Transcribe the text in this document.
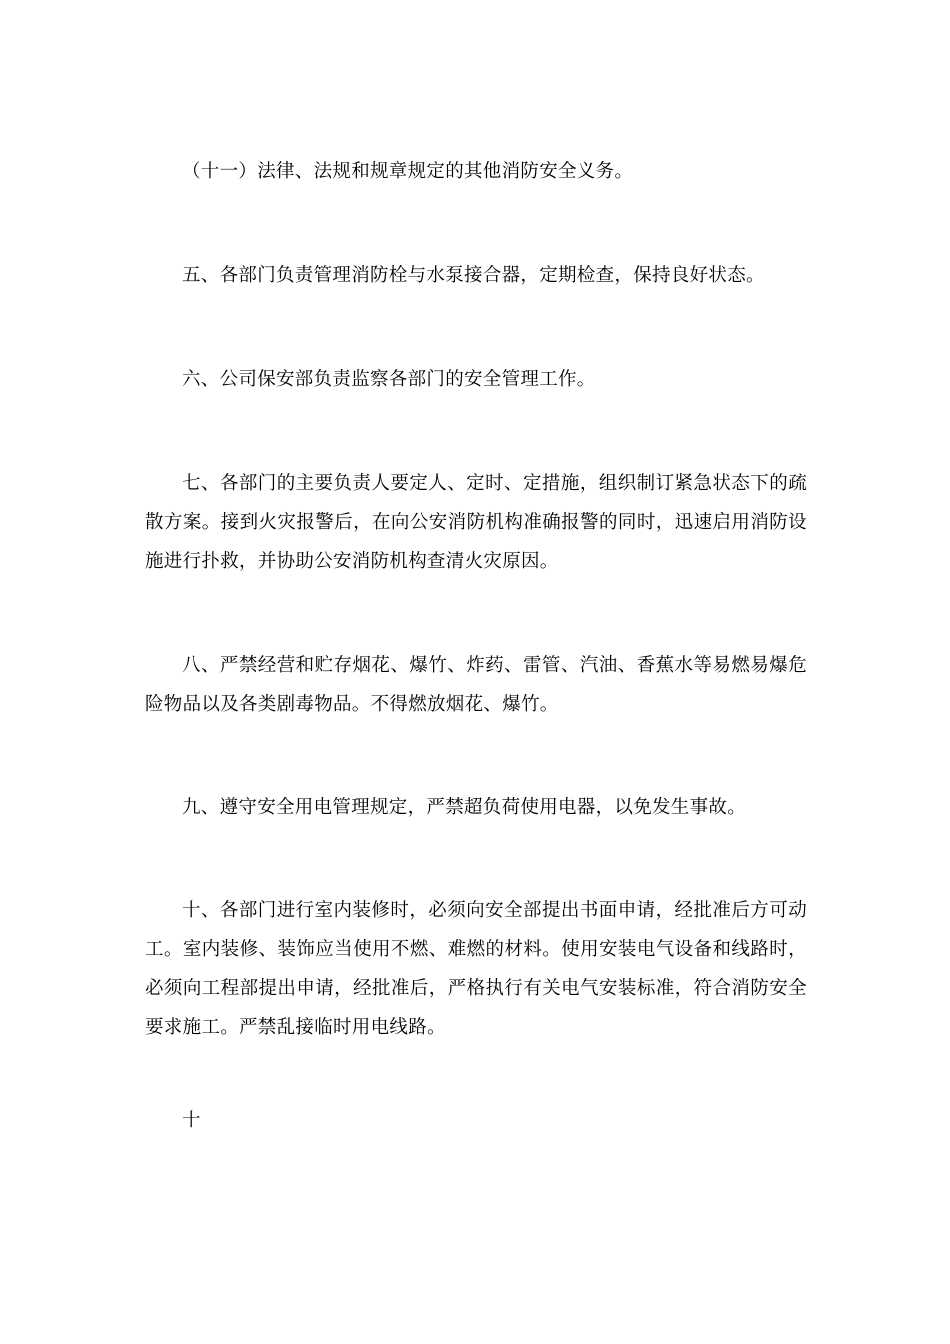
（十一）法律、法规和规章规定的其他消防安全义务。

五、各部门负责管理消防栓与水泵接合器，定期检查，保持良好状态。

六、公司保安部负责监察各部门的安全管理工作。

七、各部门的主要负责人要定人、定时、定措施，组织制订紧急状态下的疏散方案。接到火灾报警后，在向公安消防机构准确报警的同时，迅速启用消防设施进行扑救，并协助公安消防机构查清火灾原因。

八、严禁经营和贮存烟花、爆竹、炸药、雷管、汽油、香蕉水等易燃易爆危险物品以及各类剧毒物品。不得燃放烟花、爆竹。

九、遵守安全用电管理规定，严禁超负荷使用电器，以免发生事故。

十、各部门进行室内装修时，必须向安全部提出书面申请，经批准后方可动工。室内装修、装饰应当使用不燃、难燃的材料。使用安装电气设备和线路时，必须向工程部提出申请，经批准后，严格执行有关电气安装标准，符合消防安全要求施工。严禁乱接临时用电线路。

十
